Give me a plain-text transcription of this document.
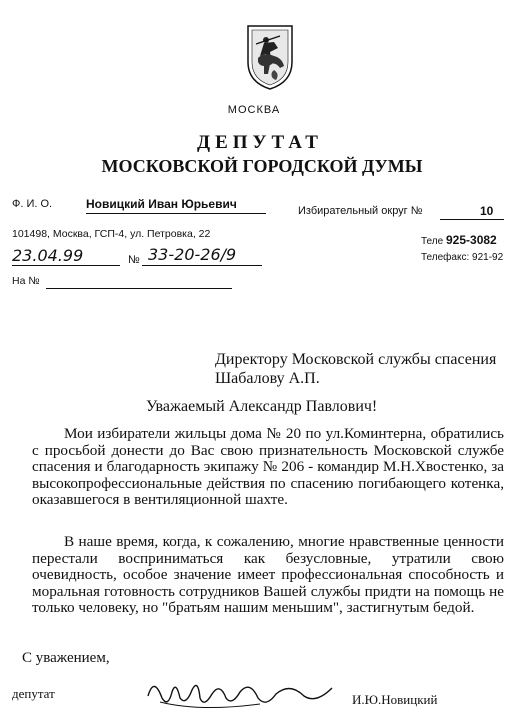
МОСКВА
ДЕПУТАТ
МОСКОВСКОЙ ГОРОДСКОЙ ДУМЫ
Ф. И. О.	Новицкий Иван Юрьевич	Избирательный округ №	10
101498, Москва, ГСП-4, ул. Петровка, 22
Теле 925-3082
Телефакс: 921-92
23.04.99	№ 33-20-26/9
На №
Директору Московской службы спасения
Шабалову А.П.
Уважаемый Александр Павлович!

Мои избиратели жильцы дома № 20 по ул.Коминтерна, обратились с просьбой донести до Вас свою признательность Московской службе спасения и благодарность экипажу № 206 - командир М.Н.Хвостенко, за высокопрофессиональные действия по спасению погибающего котенка, оказавшегося в вентиляционной шахте.

В наше время, когда, к сожалению, многие нравственные ценности перестали восприниматься как безусловные, утратили свою очевидность, особое значение имеет профессиональная способность и моральная готовность сотрудников Вашей службы придти на помощь не только человеку, но "братьям нашим меньшим", застигнутым бедой.

С уважением,
депутат	И.Ю.Новицкий
